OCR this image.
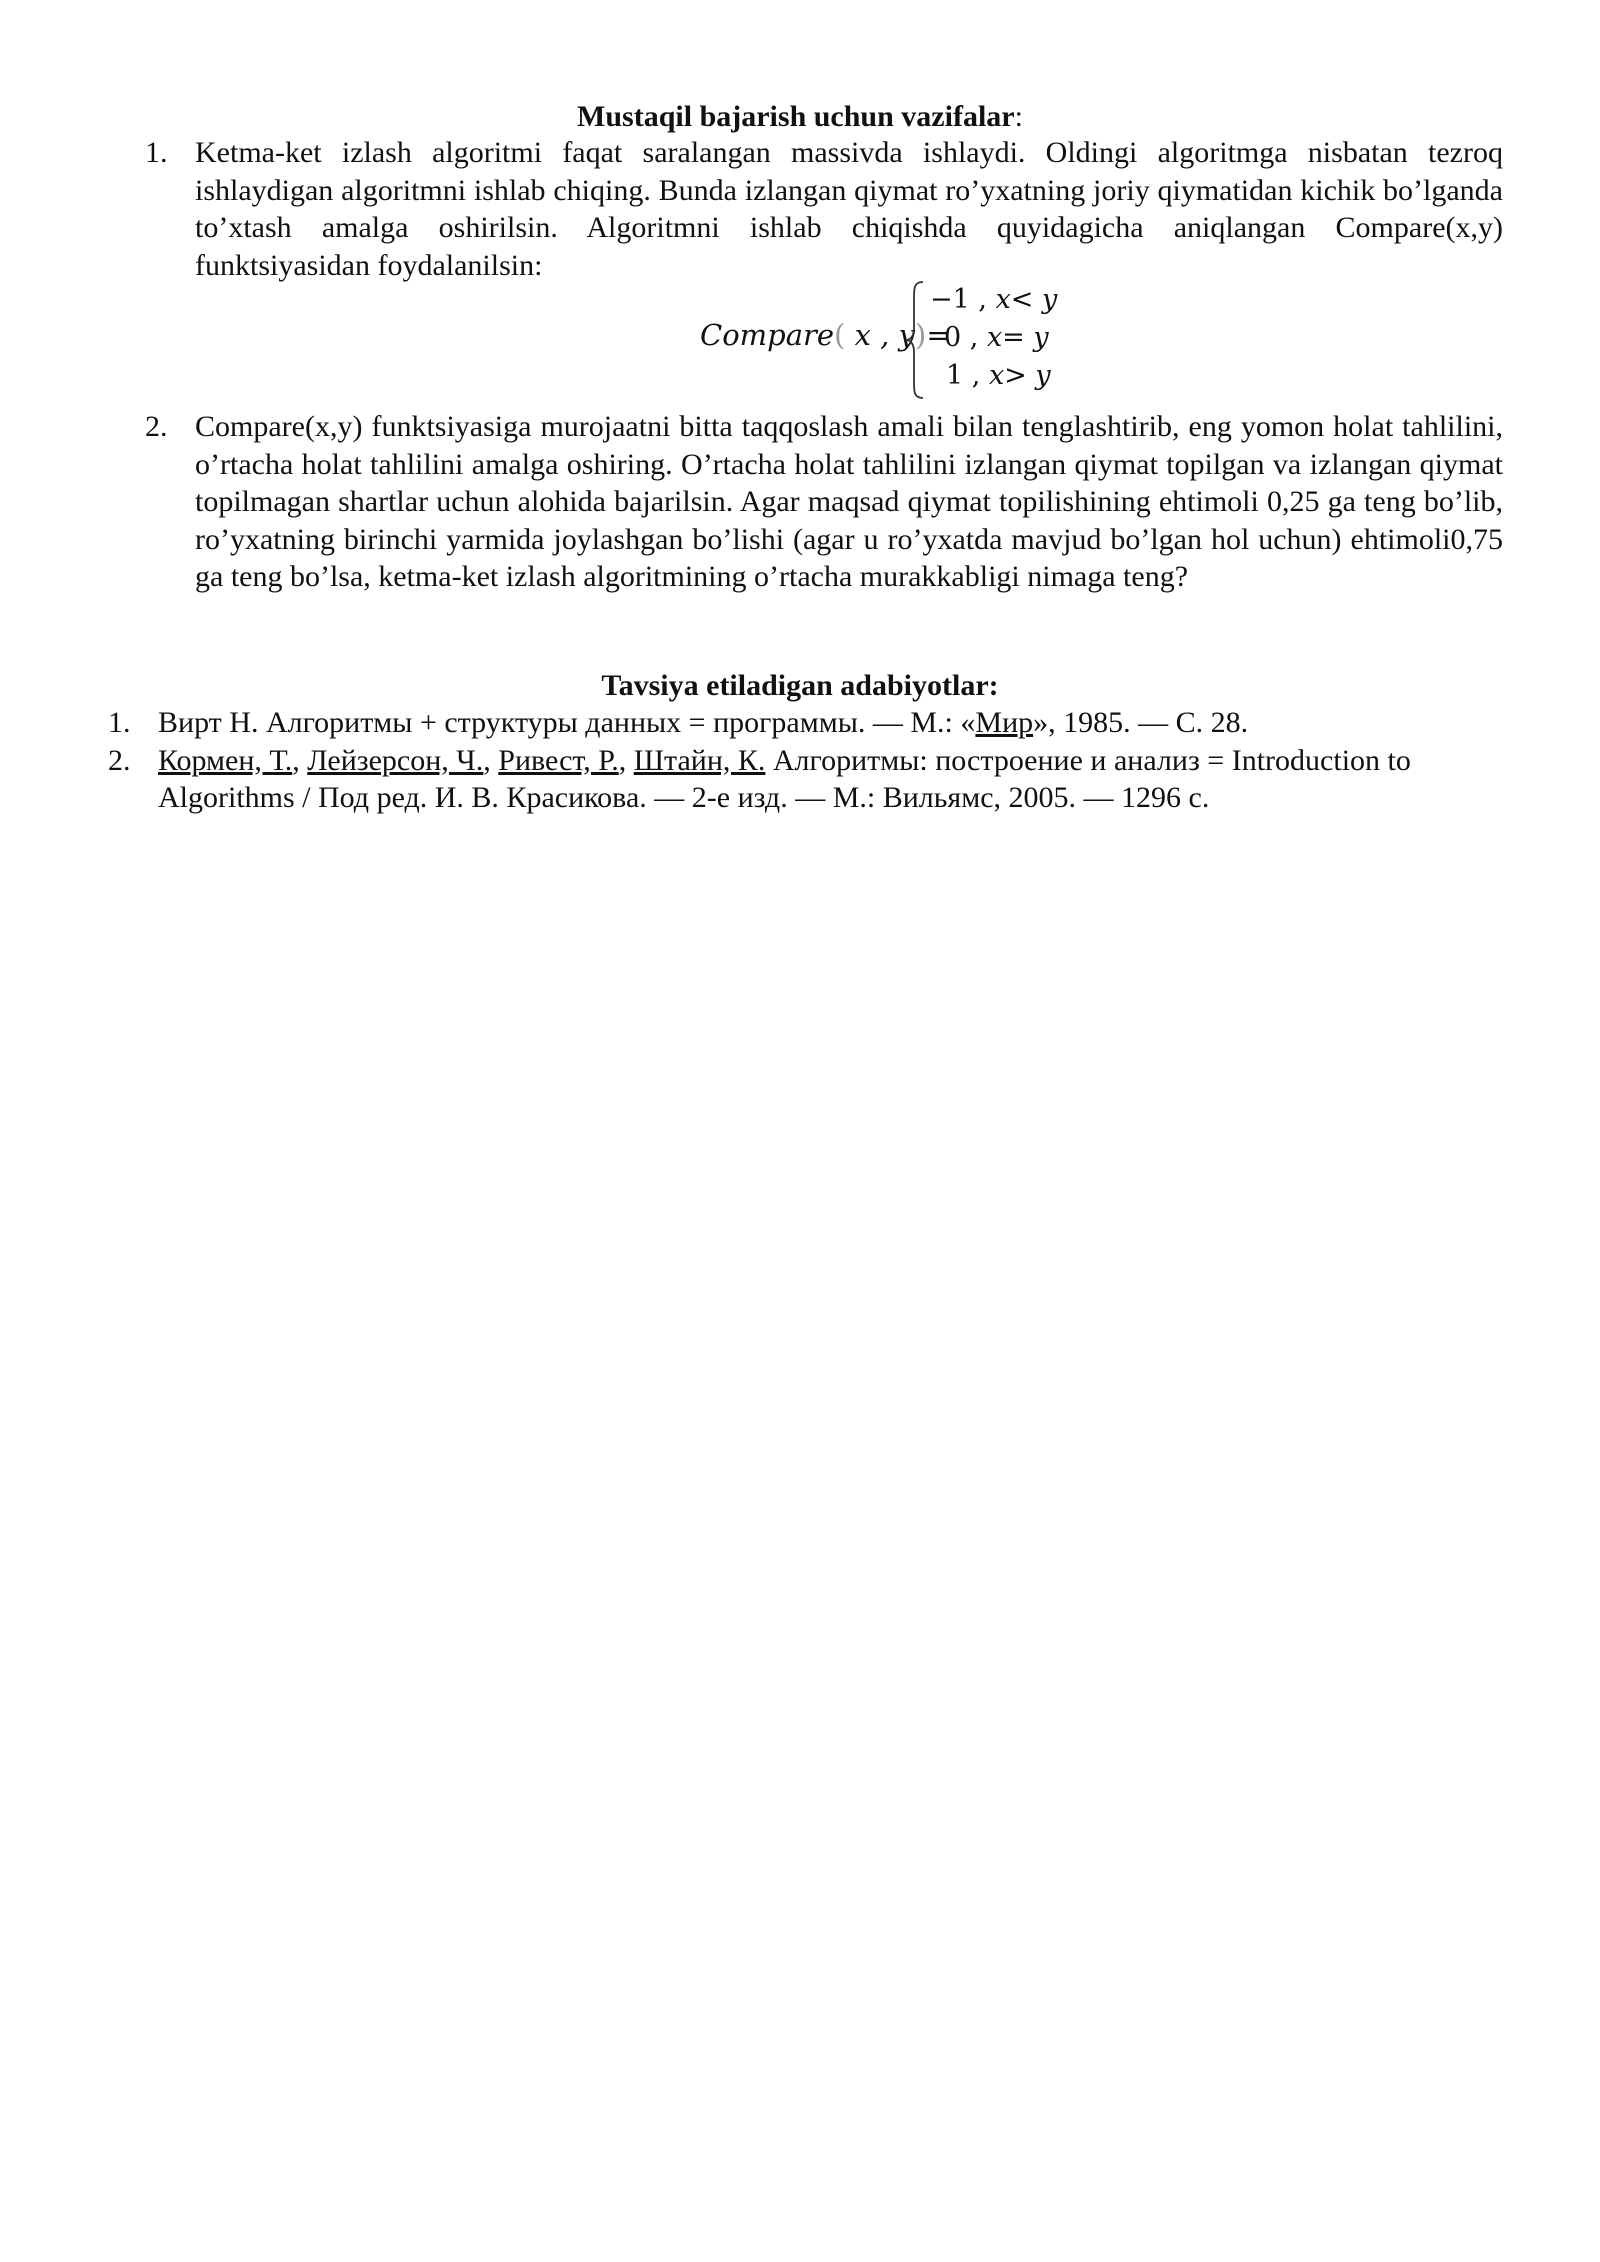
Mustaqil bajarish uchun vazifalar:
1. Ketma-ket izlash algoritmi faqat saralangan massivda ishlaydi. Oldingi algoritmga nisbatan tezroq ishlaydigan algoritmni ishlab chiqing. Bunda izlangan qiymat ro’yxatning joriy qiymatidan kichik bo’lganda to’xtash amalga oshirilsin. Algoritmni ishlab chiqishda quyidagicha aniqlangan Compare(x,y) funktsiyasidan foydalanilsin:
Compare( x , y)=
−1 , x< y
0 , x= y
1 , x> y
2. Compare(x,y) funktsiyasiga murojaatni bitta taqqoslash amali bilan tenglashtirib, eng yomon holat tahlilini, o’rtacha holat tahlilini amalga oshiring. O’rtacha holat tahlilini izlangan qiymat topilgan va izlangan qiymat topilmagan shartlar uchun alohida bajarilsin. Agar maqsad qiymat topilishining ehtimoli 0,25 ga teng bo’lib, ro’yxatning birinchi yarmida joylashgan bo’lishi (agar u ro’yxatda mavjud bo’lgan hol uchun) ehtimoli0,75 ga teng bo’lsa, ketma-ket izlash algoritmining o’rtacha murakkabligi nimaga teng?
Tavsiya etiladigan adabiyotlar:
1. Вирт Н. Алгоритмы + структуры данных = программы. — М.: «Мир», 1985. — С. 28.
2. Кормен, Т., Лейзерсон, Ч., Ривест, Р., Штайн, К. Алгоритмы: построение и анализ = Introduction to Algorithms / Под ред. И. В. Красикова. — 2-е изд. — М.: Вильямс, 2005. — 1296 с.
